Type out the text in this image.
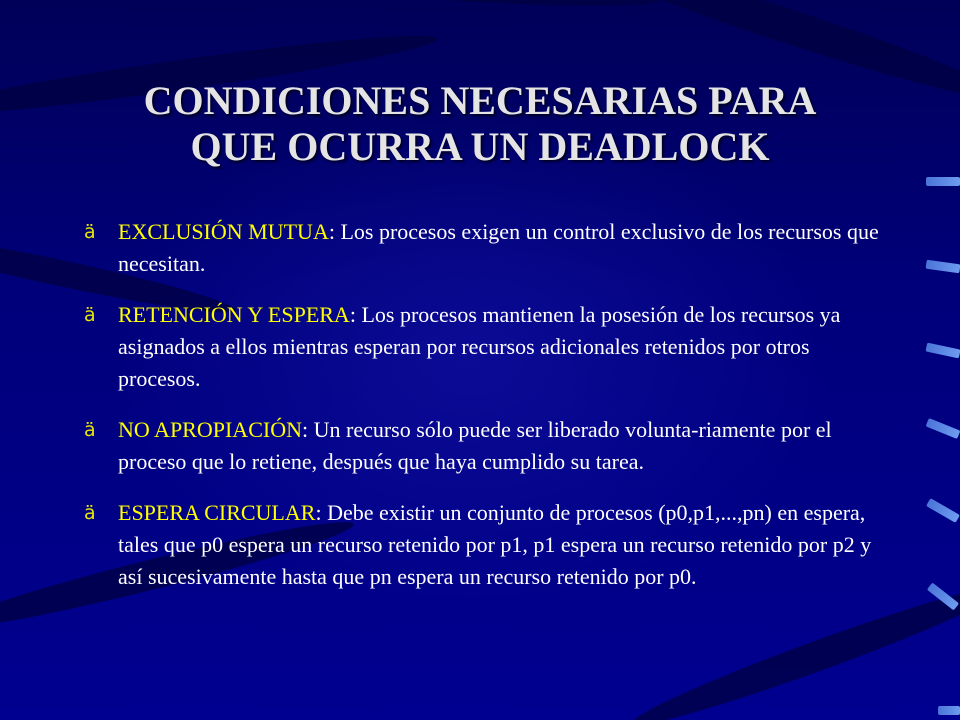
CONDICIONES NECESARIAS PARA
QUE OCURRA UN DEADLOCK
ä EXCLUSIÓN MUTUA: Los procesos exigen un control exclusivo de los recursos que necesitan.
ä RETENCIÓN Y ESPERA: Los procesos mantienen la posesión de los recursos ya asignados a ellos mientras esperan por recursos adicionales retenidos por otros procesos.
ä NO APROPIACIÓN: Un recurso sólo puede ser liberado volunta-riamente por el proceso que lo retiene, después que haya cumplido su tarea.
ä ESPERA CIRCULAR: Debe existir un conjunto de procesos (p0,p1,...,pn) en espera, tales que p0 espera un recurso retenido por p1, p1 espera un recurso retenido por p2 y así sucesivamente hasta que pn espera un recurso retenido por p0.
